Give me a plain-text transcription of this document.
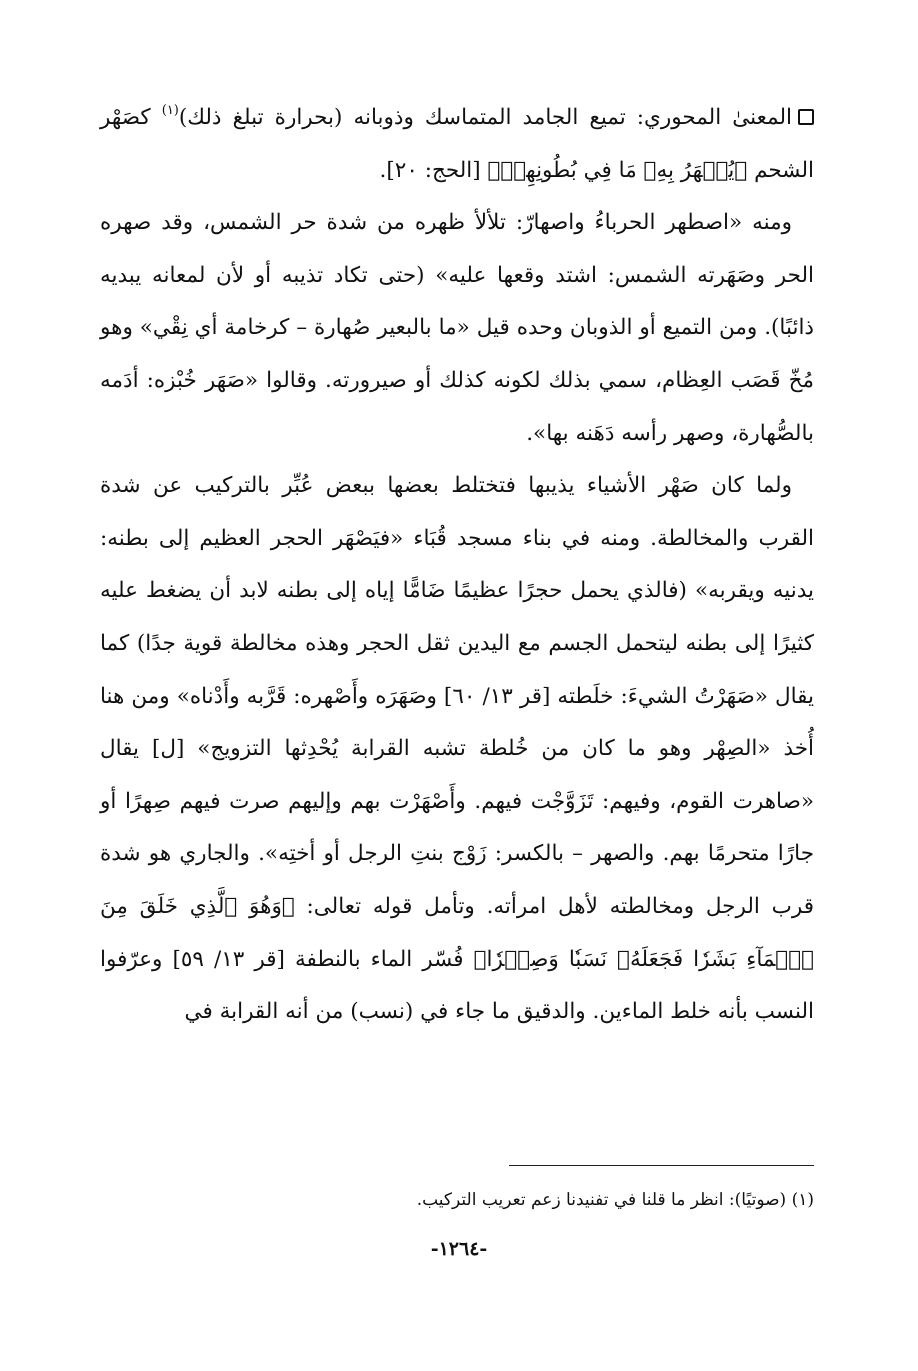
المعنىٰ المحوري: تميع الجامد المتماسك وذوبانه (بحرارة تبلغ ذلك)$^{(١)}$ كصَهْر الشحم ﴿يُصۡهَرُ بِهِۦ مَا فِي بُطُونِهِمۡ﴾ [الحج: ٢٠].

ومنه «اصطهر الحرباءُ واصهارّ: تلألأ ظهره من شدة حر الشمس، وقد صهره الحر وصَهَرته الشمس: اشتد وقعها عليه» (حتى تكاد تذيبه أو لأن لمعانه يبديه ذائبًا). ومن التميع أو الذوبان وحده قيل «ما بالبعير صُهارة – كرخامة أي نِقْي» وهو مُخّ قَصَب العِظام، سمي بذلك لكونه كذلك أو صيرورته. وقالوا «صَهَر خُبْزه: أدَمه بالصُّهارة، وصهر رأسه دَهَنه بها».

ولما كان صَهْر الأشياء يذيبها فتختلط بعضها ببعض عُبِّر بالتركيب عن شدة القرب والمخالطة. ومنه في بناء مسجد قُبَاء «فيَصْهَر الحجر العظيم إلى بطنه: يدنيه ويقربه» (فالذي يحمل حجرًا عظيمًا ضَامًّا إياه إلى بطنه لابد أن يضغط عليه كثيرًا إلى بطنه ليتحمل الجسم مع اليدين ثقل الحجر وهذه مخالطة قوية جدًا) كما يقال «صَهَرْتُ الشيءَ: خلَطته [قر ١٣/ ٦٠] وصَهَرَه وأَصْهره: قَرَّبه وأَدْناه» ومن هنا أُخذ «الصِهْر وهو ما كان من خُلطة تشبه القرابة يُحْدِثها التزويج» [ل] يقال «صاهرت القوم، وفيهم: تَزَوَّجْت فيهم. وأَصْهَرْت بهم وإليهم صرت فيهم صِهرًا أو جارًا متحرمًا بهم. والصهر – بالكسر: زَوْج بنتِ الرجل أو أختِه». والجاري هو شدة قرب الرجل ومخالطته لأهل امرأته. وتأمل قوله تعالى: ﴿وَهُوَ ٱلَّذِي خَلَقَ مِنَ ٱلۡمَآءِ بَشَرٗا فَجَعَلَهُۥ نَسَبٗا وَصِهۡرٗا﴾ فُسّر الماء بالنطفة [قر ١٣/ ٥٩] وعرّفوا النسب بأنه خلط الماءين. والدقيق ما جاء في (نسب) من أنه القرابة في

(١) (صوتيًا): انظر ما قلنا في تفنيدنا زعم تعريب التركيب.
-١٢٦٤-
